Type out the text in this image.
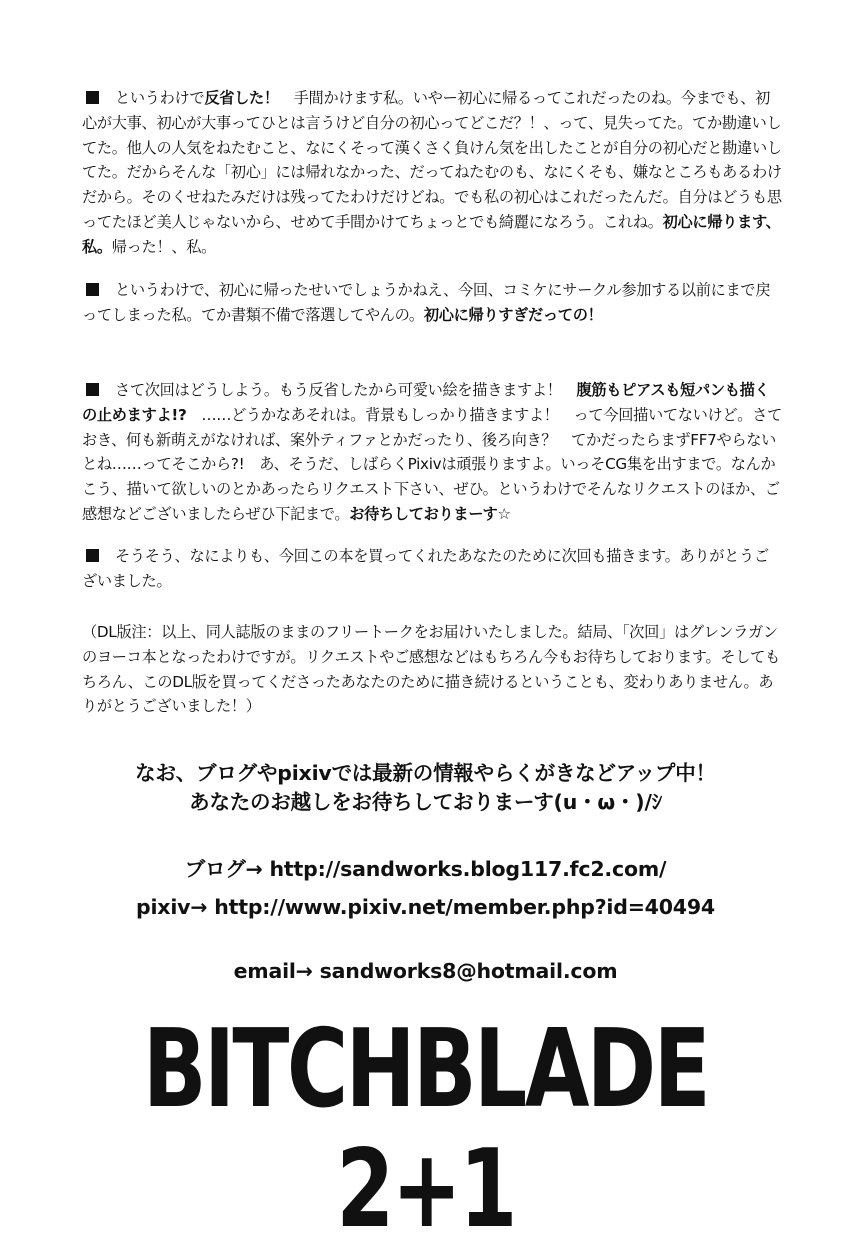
というわけで反省した！　手間かけます私。いやー初心に帰るってこれだったのね。今までも、初心が大事、初心が大事ってひとは言うけど自分の初心ってどこだ？！、って、見失ってた。てか勘違いしてた。他人の人気をねたむこと、なにくそって漢くさく負けん気を出したことが自分の初心だと勘違いしてた。だからそんな「初心」には帰れなかった、だってねたむのも、なにくそも、嫌なところもあるわけだから。そのくせねたみだけは残ってたわけだけどね。でも私の初心はこれだったんだ。自分はどうも思ってたほど美人じゃないから、せめて手間かけてちょっとでも綺麗になろう。これね。初心に帰ります、私。帰った！、私。

というわけで、初心に帰ったせいでしょうかねえ、今回、コミケにサークル参加する以前にまで戻ってしまった私。てか書類不備で落選してやんの。初心に帰りすぎだっての！

さて次回はどうしよう。もう反省したから可愛い絵を描きますよ！　腹筋もピアスも短パンも描くの止めますよ!?　……どうかなあそれは。背景もしっかり描きますよ！　って今回描いてないけど。さておき、何も新萌えがなければ、案外ティファとかだったり、後ろ向き？　てかだったらまずFF7やらないとね……ってそこから?!　あ、そうだ、しばらくPixivは頑張りますよ。いっそCG集を出すまで。なんかこう、描いて欲しいのとかあったらリクエスト下さい、ぜひ。というわけでそんなリクエストのほか、ご感想などございましたらぜひ下記まで。お待ちしておりまーす☆

そうそう、なによりも、今回この本を買ってくれたあなたのために次回も描きます。ありがとうございました。

（DL版注：以上、同人誌版のままのフリートークをお届けいたしました。結局、「次回」はグレンラガンのヨーコ本となったわけですが。リクエストやご感想などはもちろん今もお待ちしております。そしてもちろん、このDL版を買ってくださったあなたのために描き続けるということも、変わりありません。ありがとうございました！）

なお、ブログやpixivでは最新の情報やらくがきなどアップ中！

あなたのお越しをお待ちしておりまーす(u・ω・)/ｼ

ブログ→ http://sandworks.blog117.fc2.com/

pixiv→ http://www.pixiv.net/member.php?id=40494

email→ sandworks8@hotmail.com

BITCHBLADE 2+1
